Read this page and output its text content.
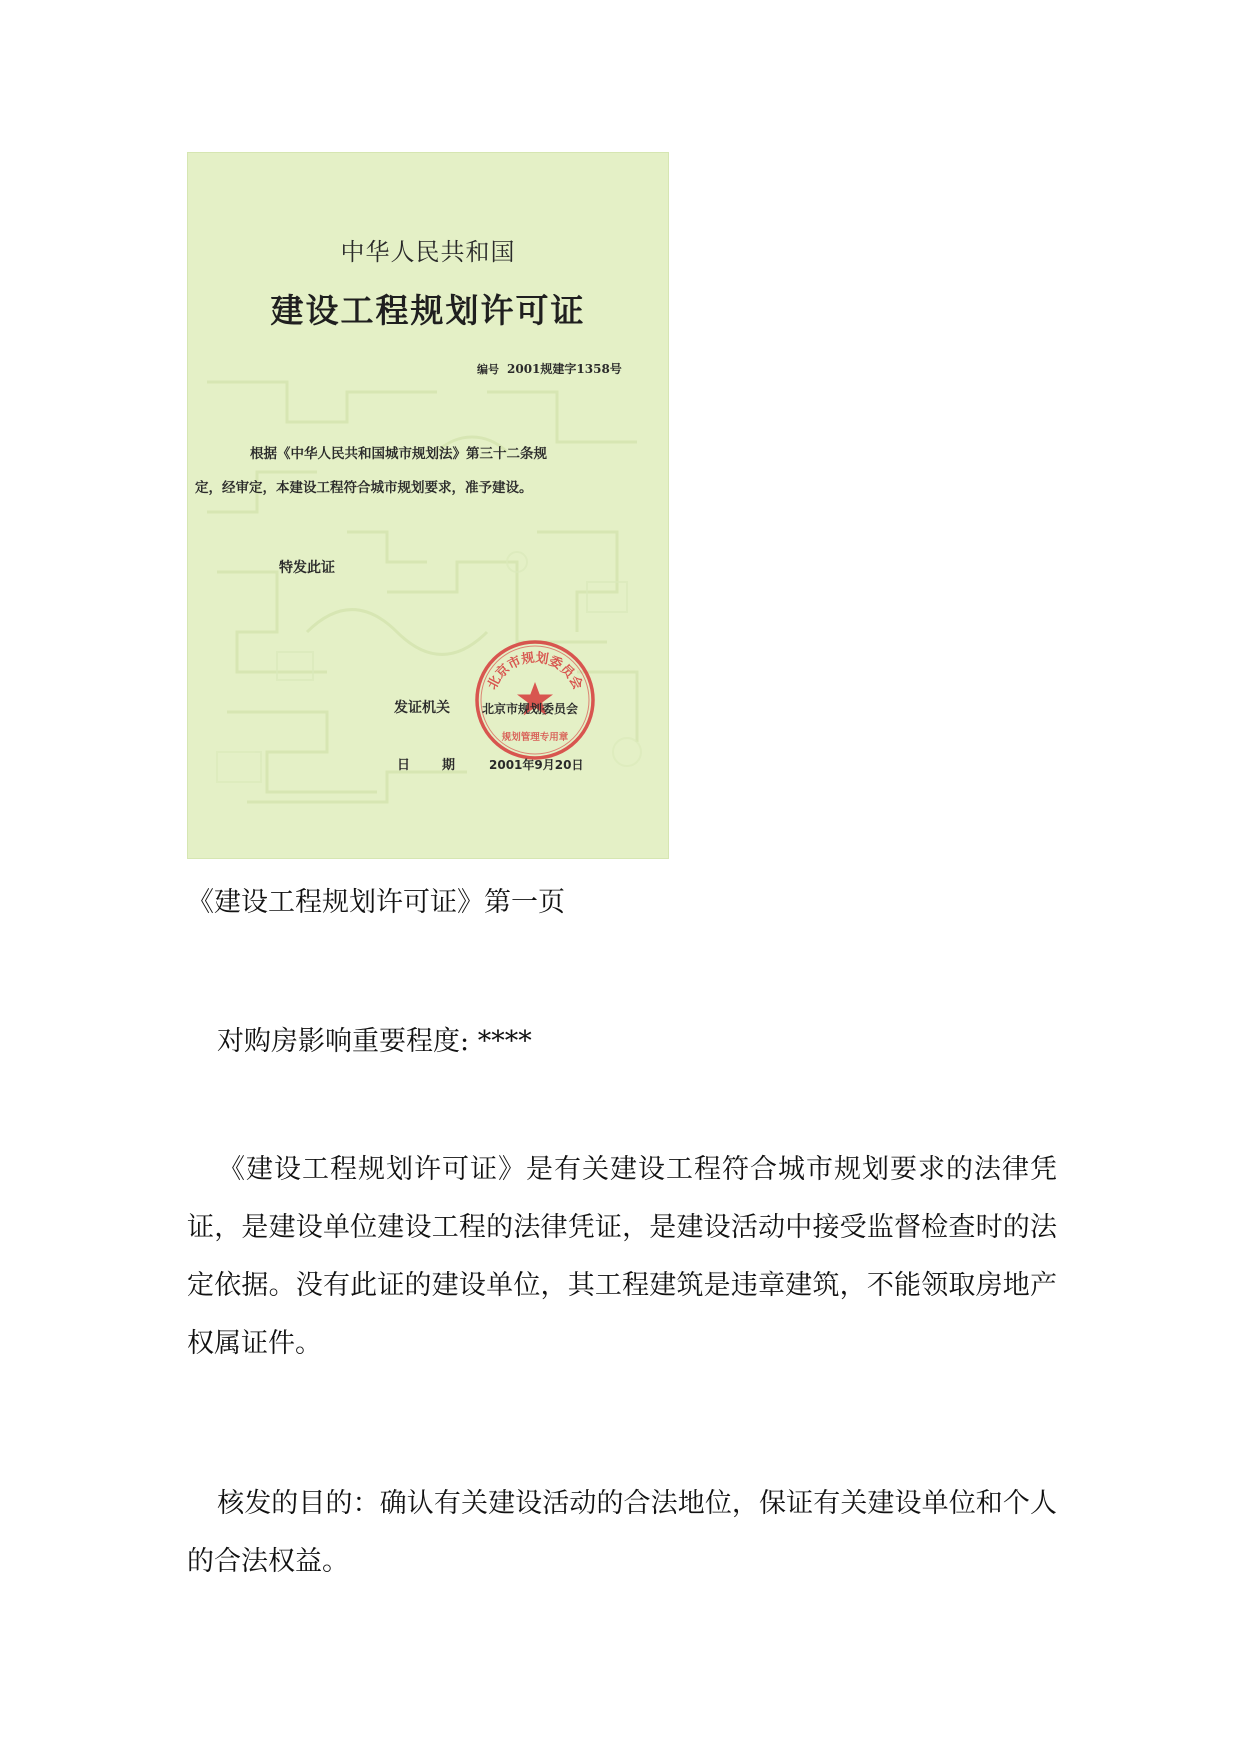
中华人民共和国
建设工程规划许可证
编号 2001规建字1358号
根据《中华人民共和国城市规划法》第三十二条规
定，经审定，本建设工程符合城市规划要求，准予建设。
特发此证
北京市规划委员会
规划管理专用章
发证机关	北京市规划委员会
日期 2001年9月20日
《建设工程规划许可证》第一页
对购房影响重要程度: ****
《建设工程规划许可证》是有关建设工程符合城市规划要求的法律凭证，是建设单位建设工程的法律凭证，是建设活动中接受监督检查时的法定依据。没有此证的建设单位，其工程建筑是违章建筑，不能领取房地产权属证件。
核发的目的：确认有关建设活动的合法地位，保证有关建设单位和个人的合法权益。
